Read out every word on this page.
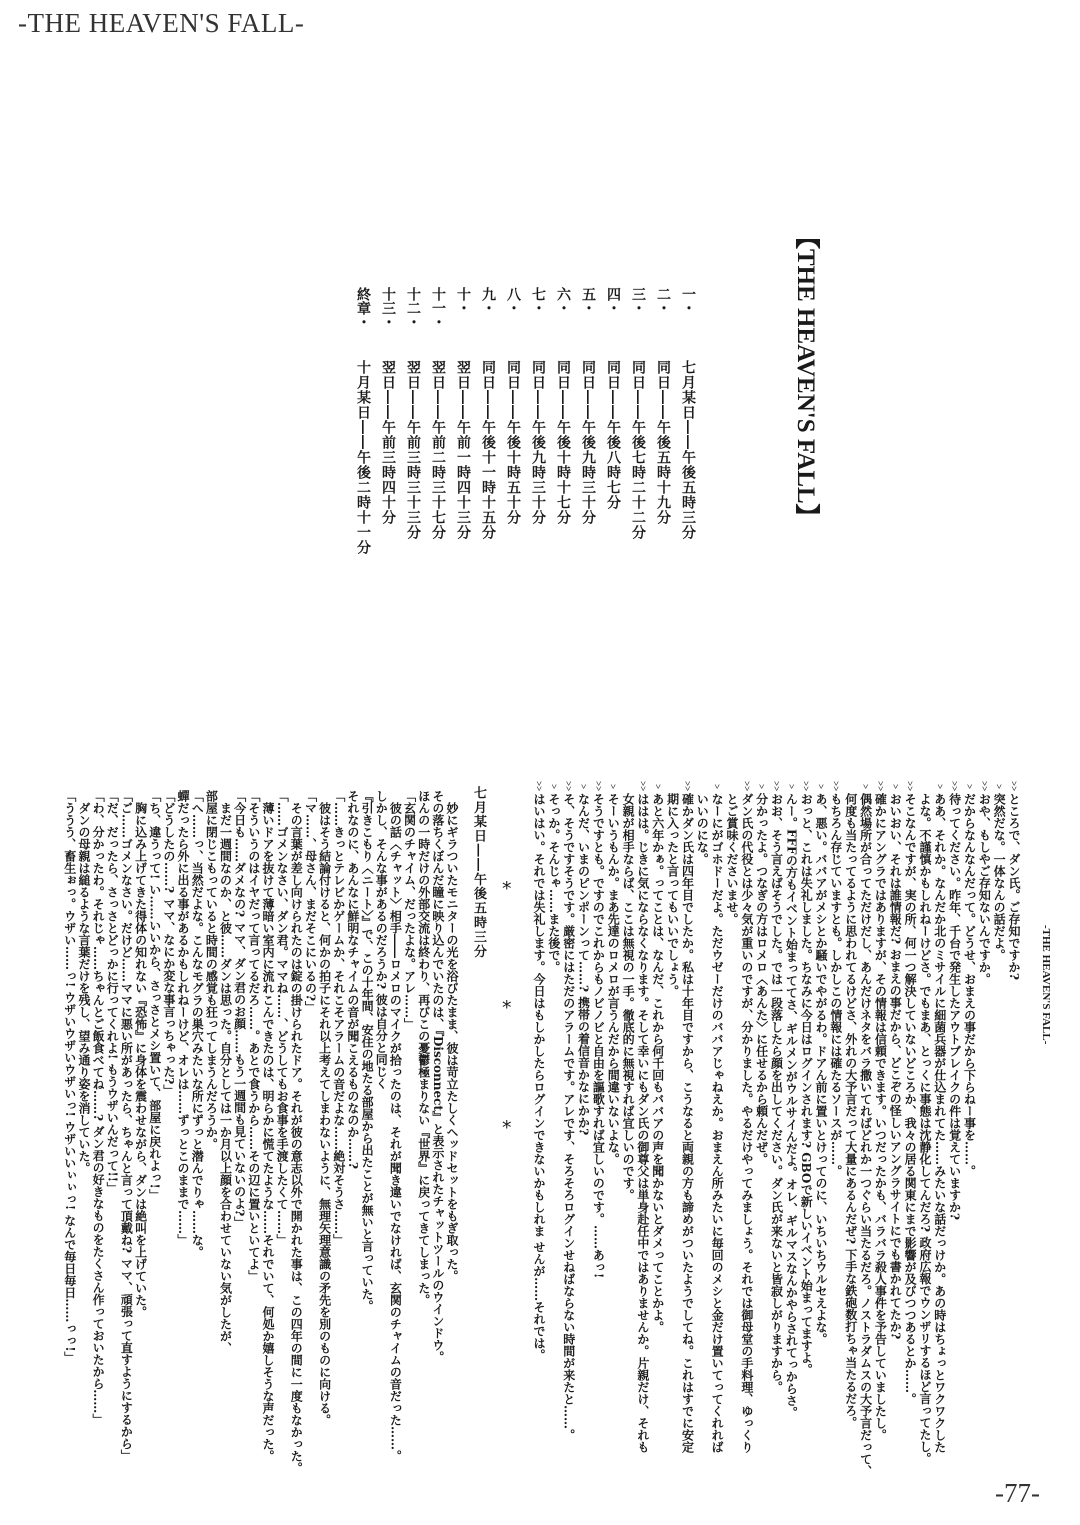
-THE HEAVEN'S FALL-
【THE HEAVEN'S FALL】
一・七月某日――午後五時三分
二・同日――午後五時十九分
三・同日――午後七時二十二分
四・同日――午後八時七分
五・同日――午後九時三十分
六・同日――午後十時十七分
七・同日――午後九時三十分
八・同日――午後十時五十分
九・同日――午後十一時十五分
十・翌日――午前一時四十三分
十一・翌日――午前二時三十七分
十二・翌日――午前三時三十三分
十三・翌日――午前三時四十分
終章・十月某日――午後二時十一分
-THE HEAVEN'S FALL-
>>ところで、ダン氏。ご存知ですか?
>突然だな。一体なんの話だよ。
>>おや、もしやご存知ないんですか。
>だからなんなんだって。どうせ、おまえの事だから下らねー事を……。
>>待ってください。昨年、千台で発生したアウトブレイクの件は覚えていますか?
>ああ、それか。なんだか北のミサイルに細菌兵器が仕込まれてた……みたいな話だっけか。あの時はちょっとワクワクした
よな。不謹慎かもしれねーけどさ。でもまあ、とっくに事態は沈静化してんだろ? 政府広報でウンザリするほど言ってたし。
>>そこなんですが、実の所、何一つ解決していないどころか、我々の居る関東にまで影響が及びつつあるとか……。
>おいおい、それは誰情報だ? おまえの事だから、どこぞの怪しいアングラサイトにでも書かれてたか?
>>確かにアングラではありますが、その情報は信頼できます。いつだったかも、バラバラ殺人事件を予告していましたし。
>偶然場所が合ってただけだし、あんだけネタをバラ撒いてればどれか一つぐらい当たるだろ。ノストラダムスの大予言だって、
何度も当たってるように思われてるけどさ、外れの大予言だって大量にあるんだぜ? 下手な鉄砲数打ちゃ当たるだろ。
>>もちろん存じていますとも。しかしこの情報には確たるソースが……。
>あ、悪い。ババアがメシとか騒いでやがるわ。ドアん前に置いとけってのに、いちいちウルセえよな。
>>おっと、これは失礼しました。ちなみに今日はログインされます? GBOで新しいイベント始まってますよ。
>んー。FFFの方もイベント始まっててさ、ギルメンがウルサイんだよ。オレ、ギルマスなんかやらされてっからさ。
>>おお、そう言えばそうでした。では一段落したら顔を出してください。ダン氏が来ないと皆寂しがりますから。
>分かったよ。つなぎの方はロメロ〈あんた〉に任せるから頼んだぜ。
>>ダン氏の代役とは少々気が重いのですが、分かりました。やるだけやってみましょう。それでは御母堂の手料理、ゆっくり
とご賞味くださいませ。
>なーにがゴホドーだよ。ただウゼーだけのババアじゃねえか。おまえん所みたいに毎回のメシと金だけ置いてってくれれば
いいのにな。
>>確かダン氏は四年目でしたか。私は十年目ですから、こうなると両親の方も諦めがついたようでしてね。これはすでに安定
期に入ったと言ってもいいでしょう。
>あと六年かぁ。ってことは、なんだ、これから何千回もババアの声を聞かないとダメってことかよ。
>>ははは。じきに気にならなくなります。そして幸いにもダン氏の御尊父は単身赴任中ではありませんか。片親だけ、それも
女親が相手ならば、ここは無視の一手。徹底的に無視すれば宜しいのです。
>そーいうもんか。まあ先達のロメロが言うんだから間違いないよな。
>>そうですとも。ですのでこれからもノビノビと自由を謳歌すれば宜しいのです。……あっ!
>なんだ、いまのピンポーンって……? 携帯の着信音かなにかか?
>>そ、そうですそうです。厳密にはただのアラームです。アレです、そろそろログインせねばならない時間が来たと……。
>そっか。そんじゃ……また後で。
>>はいはい。それでは失礼します。今日はもしかしたらログインできないかもしれま せんが……それでは。
*
*
*
七月某日――午後五時三分
妙にギラついたモニターの光を浴びたまま、彼は苛立たしくヘッドセットをもぎ取った。
その落ちくぼんだ瞳に映り込んでいたのは、『Disconnect』と表示されたチャットツールのウインドウ。
ほんの一時だけの外部交流は終わり、再びこの憂鬱極まりない『世界』に戻ってきてしまった。
「玄関のチャイム、だったよな。アレ……」
彼の話〈チャット〉相手――ロメロのマイクが拾ったのは、それが聞き違いでなければ、玄関のチャイムの音だった……。
しかし、そんな事があるのだろうか? 彼は自分と同じく
『引きこもり〈ニート〉』で、この十年間、安住の地たる部屋から出たことが無いと言っていた。
それなのに、あんなに鮮明なチャイムの音が聞こえるものなのか……?
「……きっとテレビかゲームか、それこそアラームの音だよな……絶対そうさ……」
彼はそう結論付けると、何かの拍子にそれ以上考えてしまわないように、無理矢理意識の矛先を別のものに向ける。
「マ……、母さん、まだそこにいるの?」
その言葉が差し向けられたのは錠の掛けられたドア。それが彼の意志以外で開かれた事は、この四年の間に一度もなかった。
「……ゴメンなさい、ダン君。ママね……、どうしてもお食事を手渡したくて……」
薄いドアを抜けて薄暗い室内に流れこんできたのは、明らかに慌てたような……それでいて、何処か嬉しそうな声だった。
「そういうのはイヤだって言ってるだろ……。あとで食うから……その辺に置いといてよ」
「今日も……ダメなの? ママ、ダン君のお顔……もう一週間も見ていないのよ?」
まだ一週間なのか、と彼……ダンは思った。自分としては一か月以上顔を合わせていない気がしたが、
部屋に閉じこもっていると時間の感覚も狂ってしまうんだろうか。
「へ……っ、当然だよな。こんなモグラの巣穴みたいな所にずっと潜んでりゃ……な。
蟬だったら外に出る事があるかもしれねーけど、オレは……ずっとこのままで……」
「どうしたの……? ママ、なにか変な事言っちゃった?」
「ち、違うって! い……いいから、さっさとメシ置いて、部屋に戻れよっ!」
胸に込み上げてきた得体の知れない『恐怖』に身体を震わせながら、ダンは絶叫を上げていた。
「ご……ゴメンなさい。だけど……ママに悪い所があったら、ちゃんと言って頂戴ね? ママ、頑張って直すようにするから」
「だ、だったら、さっさとどっかに行ってくれよ! もうウザいんだって!!」
「わ、分かったわ。それじゃ……ちゃんとご飯食べてね……? ダン君の好きなものをたくさん作っておいたから……」
ダンの母親は縋るような言葉だけを残し、望み通り姿を消していた。
「ううう、畜生ぉっ。ウザい……っ! ウザいウザいウザいっ! ウザいいぃぃっ! なんで毎日毎日……っっ!」
-77-
